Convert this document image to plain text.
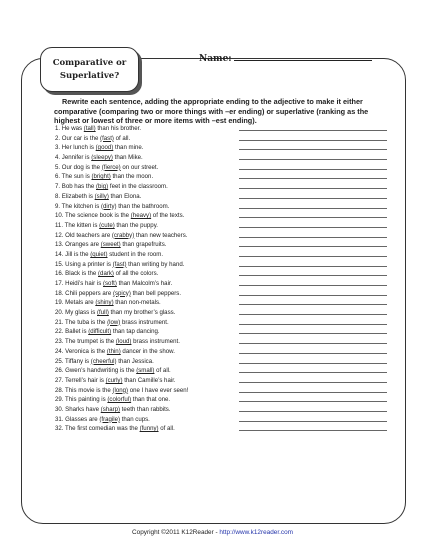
Comparative or
Superlative?
Name:
Rewrite each sentence, adding the appropriate ending to the adjective to make it either comparative (comparing two or more things with –er ending) or superlative (ranking as the highest or lowest of three or more items with –est ending).
1. He was (tall) than his brother.
2. Our car is the (fast) of all.
3. Her lunch is (good) than mine.
4. Jennifer is (sleepy) than Mike.
5. Our dog is the (fierce) on our street.
6. The sun is (bright) than the moon.
7. Bob has the (big) feet in the classroom.
8. Elizabeth is (silly) than Elona.
9. The kitchen is (dirty) than the bathroom.
10. The science book is the (heavy) of the texts.
11. The kitten is (cute) than the puppy.
12. Old teachers are (crabby) than new teachers.
13. Oranges are (sweet) than grapefruits.
14. Jill is the (quiet) student in the room.
15. Using a printer is (fast) than writing by hand.
16. Black is the (dark) of all the colors.
17. Heidi’s hair is (soft) than Malcolm’s hair.
18. Chili peppers are (spicy) than bell peppers.
19. Metals are (shiny) than non-metals.
20. My glass is (full) than my brother’s glass.
21. The tuba is the (low) brass instrument.
22. Ballet is (difficult) than tap dancing.
23. The trumpet is the (loud) brass instrument.
24. Veronica is the (thin) dancer in the show.
25. Tiffany is (cheerful) than Jessica.
26. Gwen’s handwriting is the (small) of all.
27. Terrell’s hair is (curly) than Camille’s hair.
28. This movie is the (long) one I have ever seen!
29. This painting is (colorful) than that one.
30. Sharks have (sharp) teeth than rabbits.
31. Glasses are (fragile) than cups.
32. The first comedian was the (funny) of all.
Copyright ©2011 K12Reader - http://www.k12reader.com
